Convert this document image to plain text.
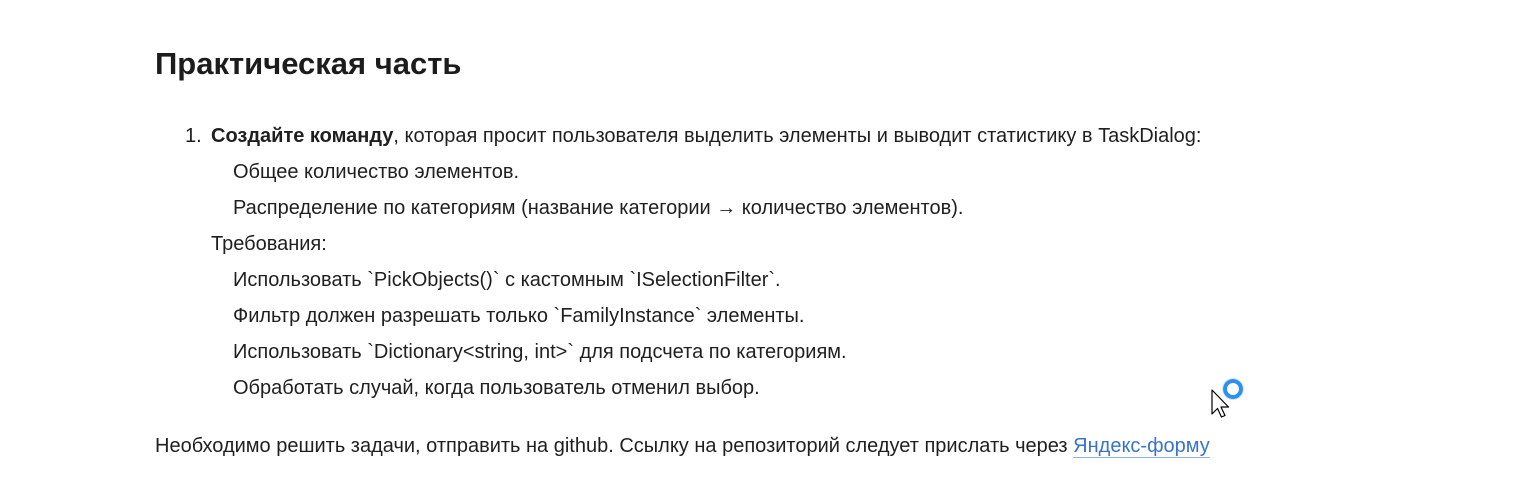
Практическая часть
1. Создайте команду, которая просит пользователя выделить элементы и выводит статистику в TaskDialog:
Общее количество элементов.
Распределение по категориям (название категории → количество элементов).
Требования:
Использовать `PickObjects()` с кастомным `ISelectionFilter`.
Фильтр должен разрешать только `FamilyInstance` элементы.
Использовать `Dictionary<string, int>` для подсчета по категориям.
Обработать случай, когда пользователь отменил выбор.
Необходимо решить задачи, отправить на github. Ссылку на репозиторий следует прислать через Яндекс-форму
